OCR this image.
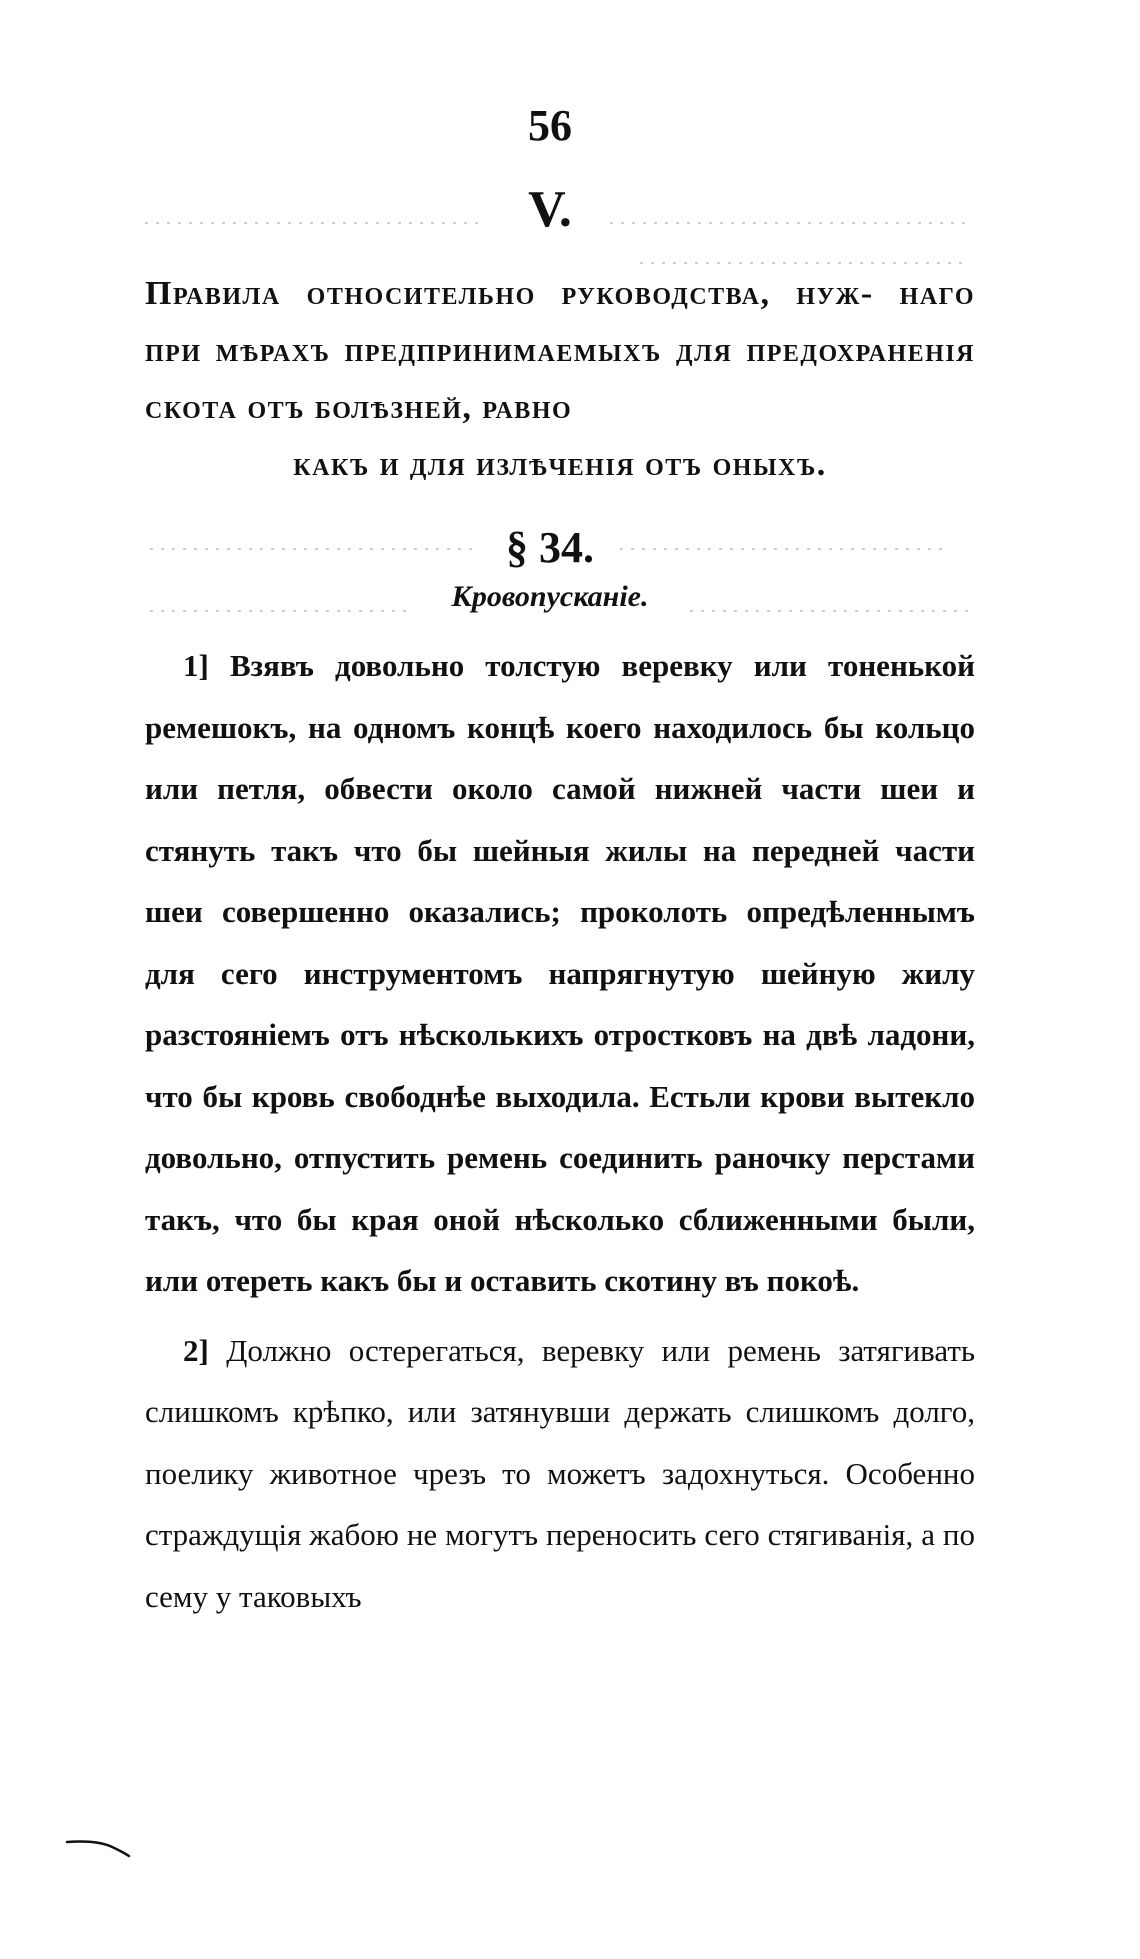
56
V.
Правила относительно руководства, нуж- наго при мѣрахъ предпринимаемыхъ для предохраненія скота отъ болѣзней, равно
какъ и для излѣченія отъ оныхъ.
§ 34.
Кровопусканіе.

1] Взявъ довольно толстую веревку или тоненькой ремешокъ, на одномъ концѣ коего находилось бы кольцо или петля, обвести около самой нижней части шеи и стянуть такъ что бы шейныя жилы на передней части шеи совершенно оказались; проколоть опредѣленнымъ для сего инструментомъ напрягнутую шейную жилу разстояніемъ отъ нѣсколькихъ отростковъ на двѣ ладони, что бы кровь свободнѣе выходила. Естьли крови вытекло довольно, отпустить ремень соединить раночку перстами такъ, что бы края оной нѣсколько сближенными были, или отереть какъ бы и оставить скотину въ покоѣ.

2] Должно остерегаться, веревку или ремень затягивать слишкомъ крѣпко, или затянувши держать слишкомъ долго, поелику животное чрезъ то можетъ задохнуться. Особенно страждущія жабою не могутъ переносить сего стягиванія, а по сему у таковыхъ
